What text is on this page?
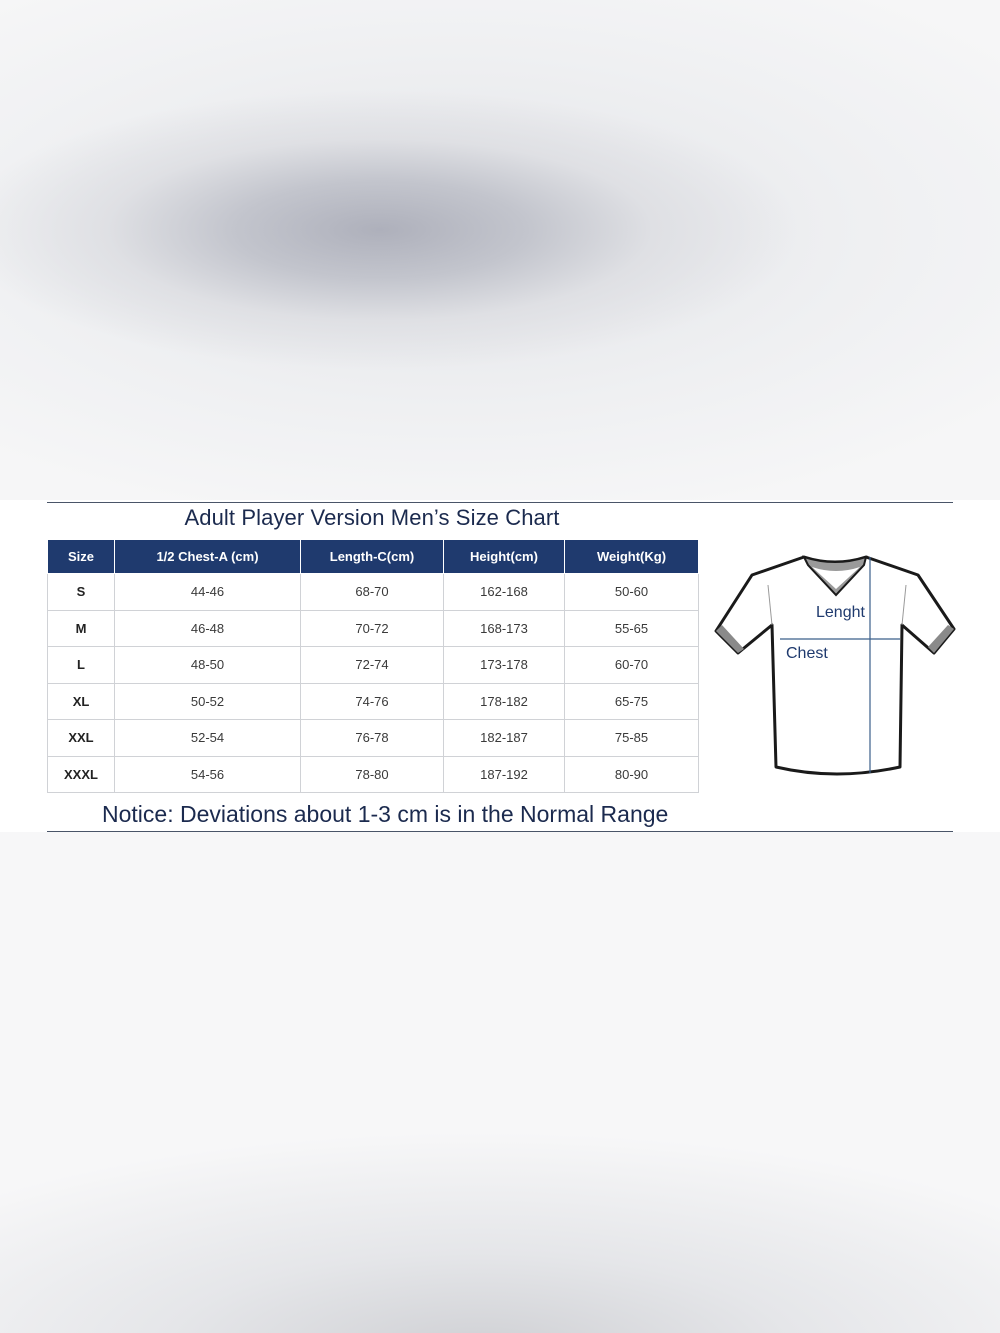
Adult Player Version Men’s Size Chart
Size	1/2 Chest-A (cm)	Length-C(cm)	Height(cm)	Weight(Kg)
S	44-46	68-70	162-168	50-60
M	46-48	70-72	168-173	55-65
L	48-50	72-74	173-178	60-70
XL	50-52	74-76	178-182	65-75
XXL	52-54	76-78	182-187	75-85
XXXL	54-56	78-80	187-192	80-90
Lenght
Chest
Notice: Deviations about 1-3 cm is in the Normal Range
